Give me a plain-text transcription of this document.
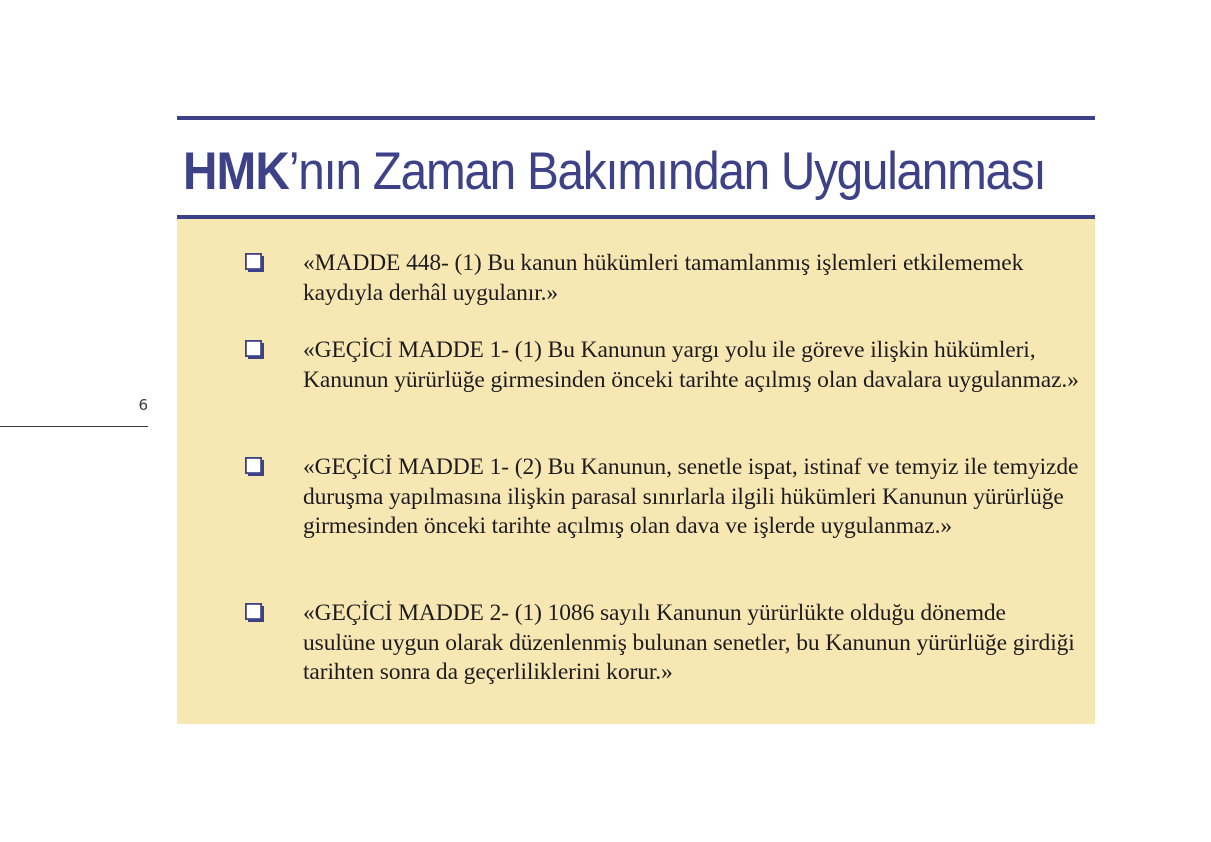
6
HMK ’nın Zaman Bakımından Uygulanması

«MADDE 448- (1) Bu kanun hükümleri tamamlanmış işlemleri etkilememek kaydıyla derhâl uygulanır.»

«GEÇİCİ MADDE 1- (1) Bu Kanunun yargı yolu ile göreve ilişkin hükümleri, Kanunun yürürlüğe girmesinden önceki tarihte açılmış olan davalara uygulanmaz.»

«GEÇİCİ MADDE 1- (2) Bu Kanunun, senetle ispat, istinaf ve temyiz ile temyizde duruşma yapılmasına ilişkin parasal sınırlarla ilgili hükümleri Kanunun yürürlüğe girmesinden önceki tarihte açılmış olan dava ve işlerde uygulanmaz.»

«GEÇİCİ MADDE 2- (1) 1086 sayılı Kanunun yürürlükte olduğu dönemde usulüne uygun olarak düzenlenmiş bulunan senetler, bu Kanunun yürürlüğe girdiği tarihten sonra da geçerliliklerini korur.»
